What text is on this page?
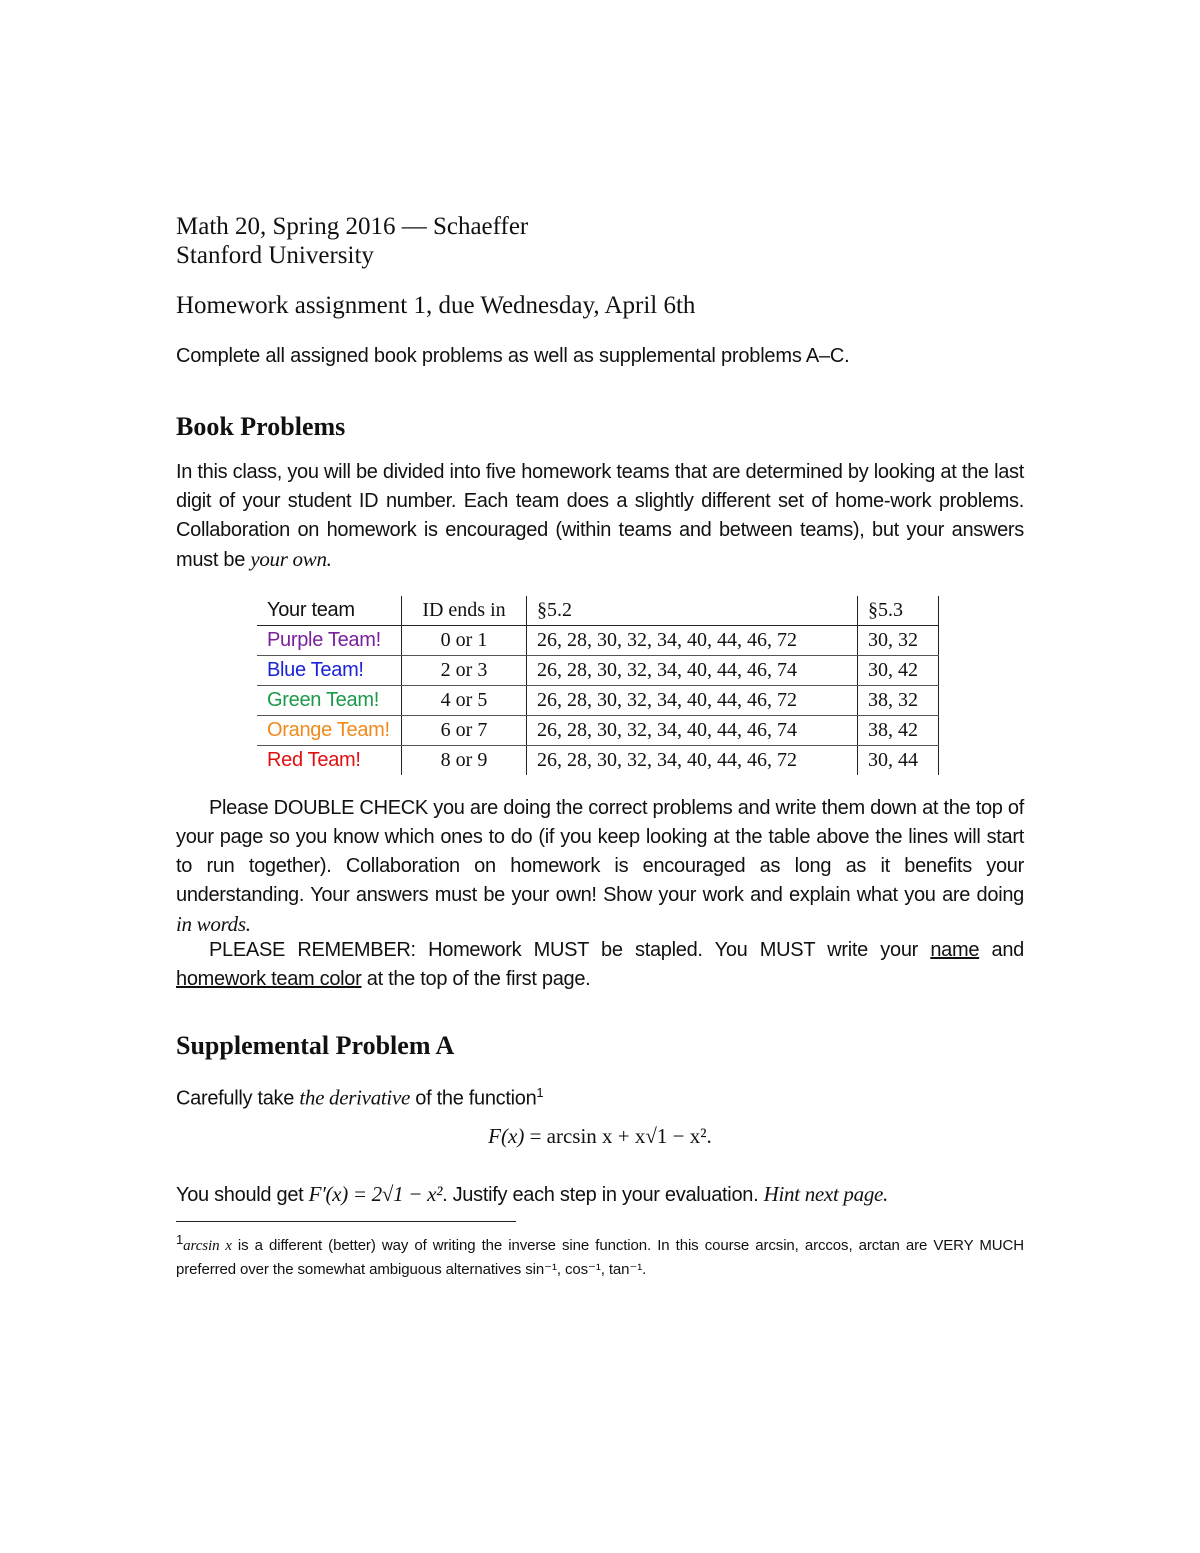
Math 20, Spring 2016 — Schaeffer
Stanford University
Homework assignment 1, due Wednesday, April 6th
Complete all assigned book problems as well as supplemental problems A–C.
Book Problems
In this class, you will be divided into five homework teams that are determined by looking at the last digit of your student ID number. Each team does a slightly different set of home-work problems. Collaboration on homework is encouraged (within teams and between teams), but your answers must be your own.
Your team	ID ends in	§5.2	§5.3
Purple Team!	0 or 1	26, 28, 30, 32, 34, 40, 44, 46, 72	30, 32
Blue Team!	2 or 3	26, 28, 30, 32, 34, 40, 44, 46, 74	30, 42
Green Team!	4 or 5	26, 28, 30, 32, 34, 40, 44, 46, 72	38, 32
Orange Team!	6 or 7	26, 28, 30, 32, 34, 40, 44, 46, 74	38, 42
Red Team!	8 or 9	26, 28, 30, 32, 34, 40, 44, 46, 72	30, 44
Please DOUBLE CHECK you are doing the correct problems and write them down at the top of your page so you know which ones to do (if you keep looking at the table above the lines will start to run together). Collaboration on homework is encouraged as long as it benefits your understanding. Your answers must be your own! Show your work and explain what you are doing in words.
PLEASE REMEMBER: Homework MUST be stapled. You MUST write your name and homework team color at the top of the first page.
Supplemental Problem A
Carefully take the derivative of the function$^1$
F(x) = arcsin x + x√1 − x².
You should get F′(x) = 2√1 − x². Justify each step in your evaluation. Hint next page.
$^1$arcsin x is a different (better) way of writing the inverse sine function. In this course arcsin, arccos, arctan are VERY MUCH preferred over the somewhat ambiguous alternatives sin⁻¹, cos⁻¹, tan⁻¹.
